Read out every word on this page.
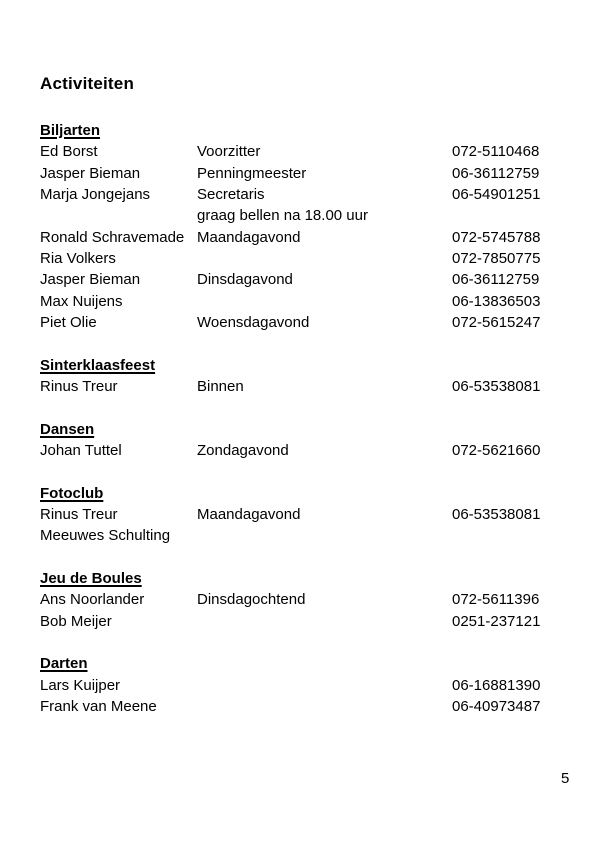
Activiteiten
Biljarten
Ed Borst	Voorzitter	072-5110468
Jasper Bieman	Penningmeester	06-36112759
Marja Jongejans	Secretaris	06-54901251
graag bellen na 18.00 uur
Ronald Schravemade Maandagavond	072-5745788
Ria Volkers	072-7850775
Jasper Bieman	Dinsdagavond	06-36112759
Max Nuijens	06-13836503
Piet Olie	Woensdagavond	072-5615247
Sinterklaasfeest
Rinus Treur	Binnen	06-53538081
Dansen
Johan Tuttel	Zondagavond	072-5621660
Fotoclub
Rinus Treur	Maandagavond	06-53538081
Meeuwes Schulting
Jeu de Boules
Ans Noorlander	Dinsdagochtend	072-5611396
Bob Meijer	0251-237121
Darten
Lars Kuijper	06-16881390
Frank van Meene	06-40973487
5
